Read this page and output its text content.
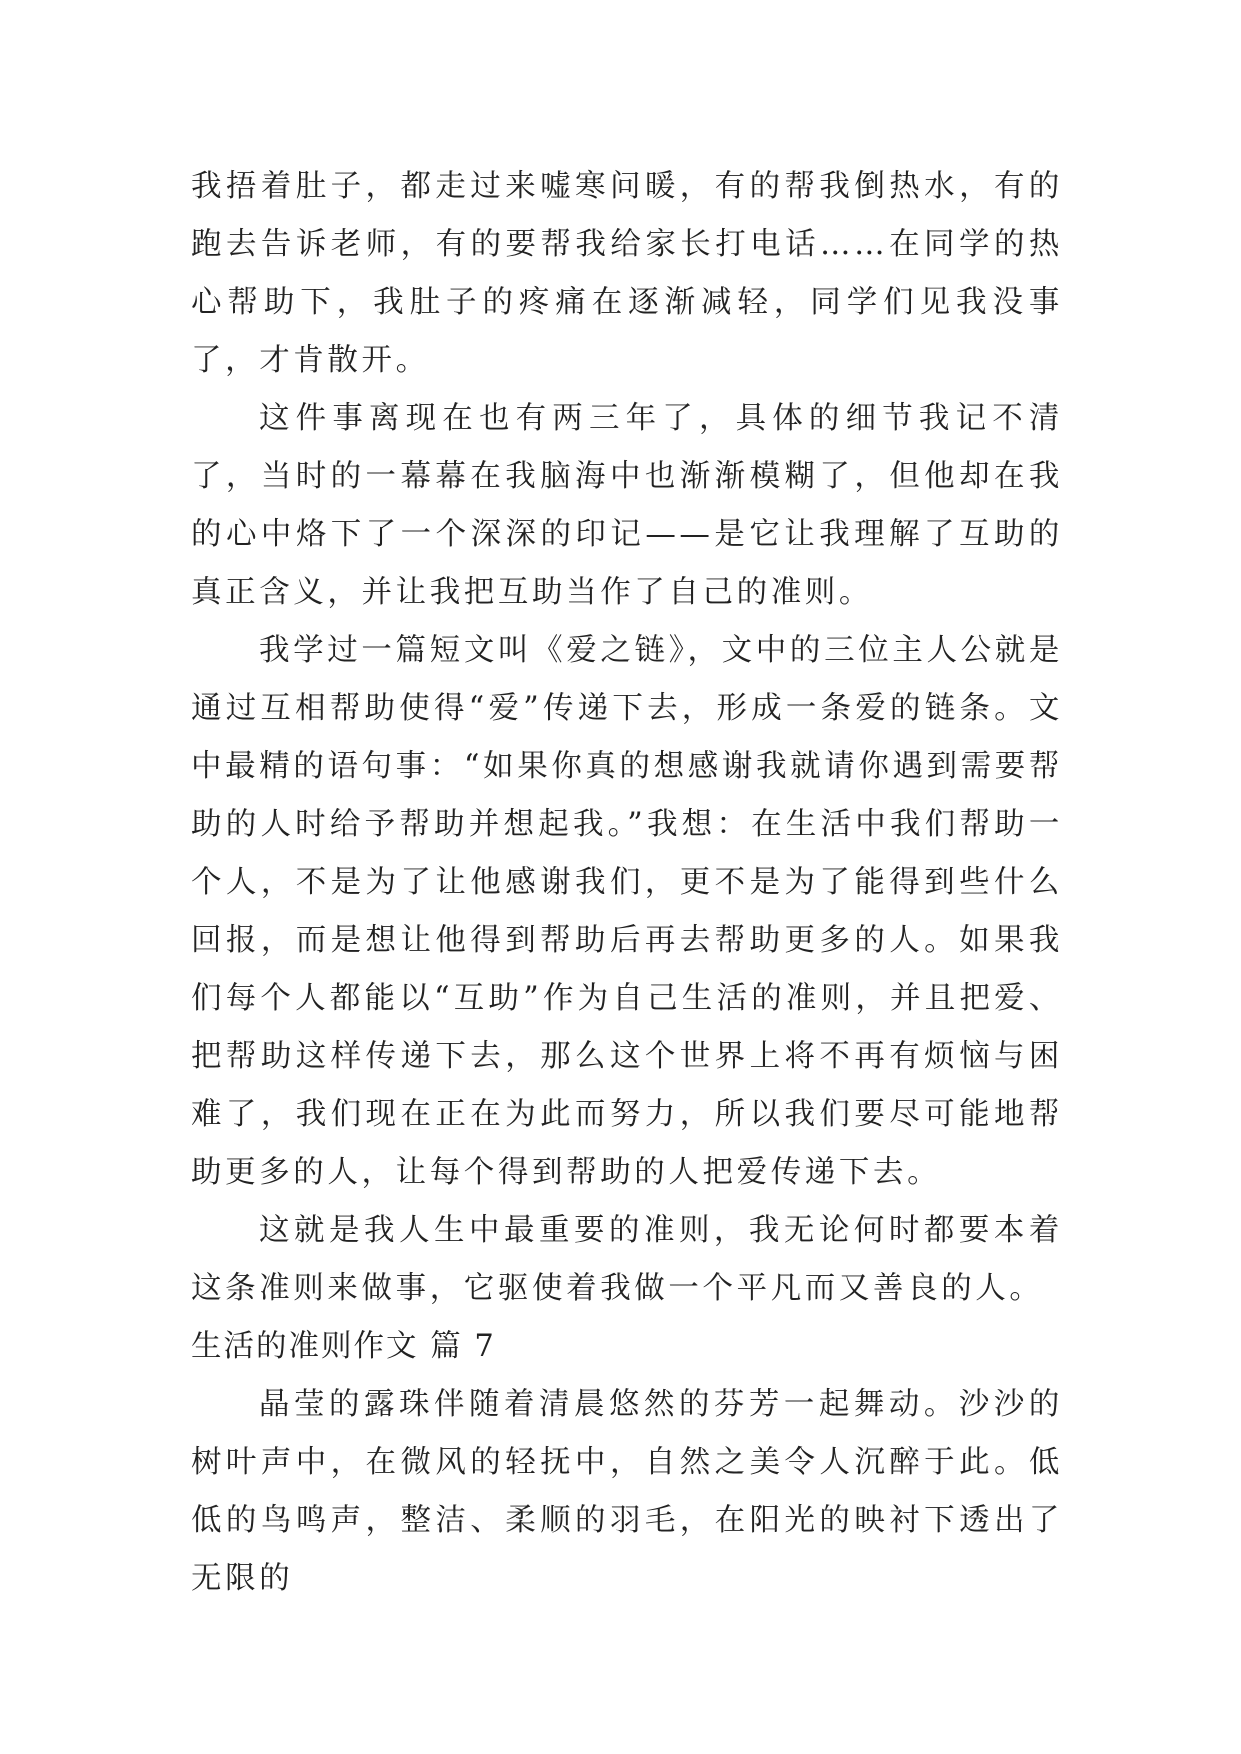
我捂着肚子，都走过来嘘寒问暖，有的帮我倒热水，有的跑去告诉老师，有的要帮我给家长打电话……在同学的热心帮助下，我肚子的疼痛在逐渐减轻，同学们见我没事了，才肯散开。

这件事离现在也有两三年了，具体的细节我记不清了，当时的一幕幕在我脑海中也渐渐模糊了，但他却在我的心中烙下了一个深深的印记——是它让我理解了互助的真正含义，并让我把互助当作了自己的准则。

我学过一篇短文叫《爱之链》，文中的三位主人公就是通过互相帮助使得“爱”传递下去，形成一条爱的链条。文中最精的语句事：“如果你真的想感谢我就请你遇到需要帮助的人时给予帮助并想起我。”我想：在生活中我们帮助一个人，不是为了让他感谢我们，更不是为了能得到些什么回报，而是想让他得到帮助后再去帮助更多的人。如果我们每个人都能以“互助”作为自己生活的准则，并且把爱、把帮助这样传递下去，那么这个世界上将不再有烦恼与困难了，我们现在正在为此而努力，所以我们要尽可能地帮助更多的人，让每个得到帮助的人把爱传递下去。

这就是我人生中最重要的准则，我无论何时都要本着这条准则来做事，它驱使着我做一个平凡而又善良的人。

生活的准则作文 篇 7

晶莹的露珠伴随着清晨悠然的芬芳一起舞动。沙沙的树叶声中，在微风的轻抚中，自然之美令人沉醉于此。低低的鸟鸣声，整洁、柔顺的羽毛，在阳光的映衬下透出了无限的
